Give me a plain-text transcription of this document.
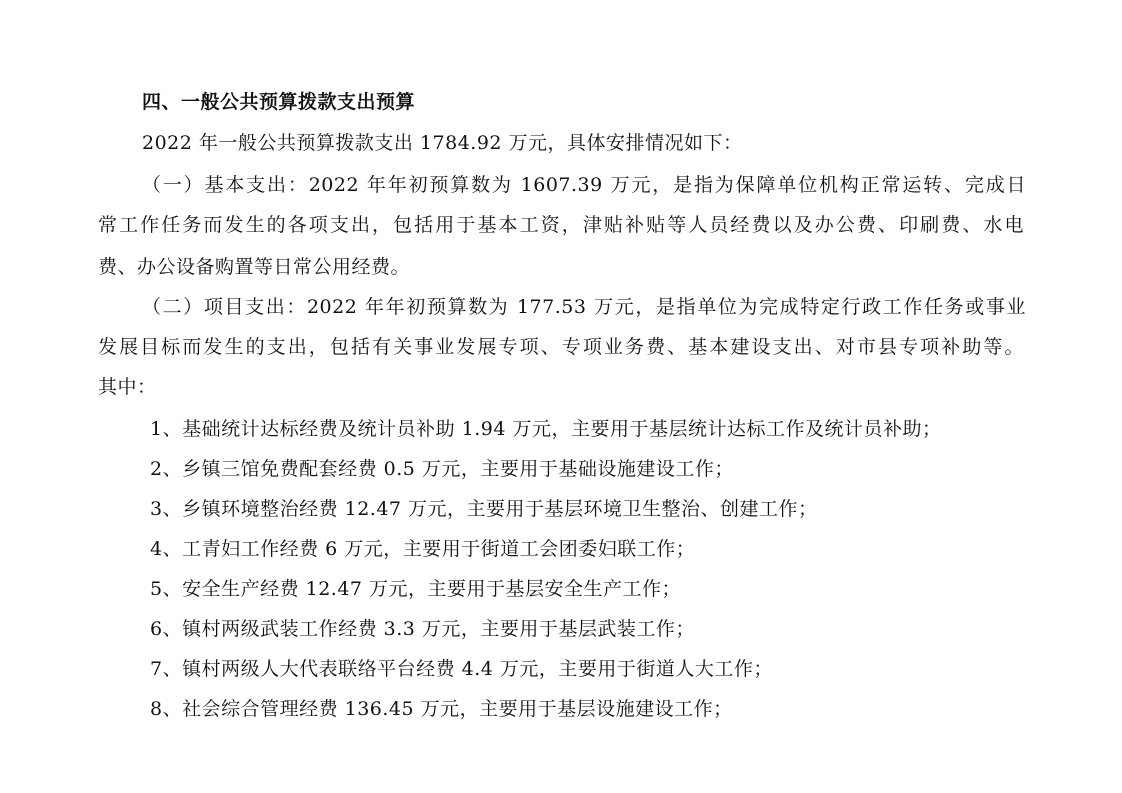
四、一般公共预算拨款支出预算
2022 年一般公共预算拨款支出 1784.92 万元，具体安排情况如下：
（一）基本支出：2022 年年初预算数为 1607.39 万元，是指为保障单位机构正常运转、完成日
常工作任务而发生的各项支出，包括用于基本工资，津贴补贴等人员经费以及办公费、印刷费、水电
费、办公设备购置等日常公用经费。
（二）项目支出：2022 年年初预算数为 177.53 万元，是指单位为完成特定行政工作任务或事业
发展目标而发生的支出，包括有关事业发展专项、专项业务费、基本建设支出、对市县专项补助等。
其中：
1、基础统计达标经费及统计员补助 1.94 万元，主要用于基层统计达标工作及统计员补助；
2、乡镇三馆免费配套经费 0.5 万元，主要用于基础设施建设工作；
3、乡镇环境整治经费 12.47 万元，主要用于基层环境卫生整治、创建工作；
4、工青妇工作经费 6 万元，主要用于街道工会团委妇联工作；
5、安全生产经费 12.47 万元，主要用于基层安全生产工作；
6、镇村两级武装工作经费 3.3 万元，主要用于基层武装工作；
7、镇村两级人大代表联络平台经费 4.4 万元，主要用于街道人大工作；
8、社会综合管理经费 136.45 万元，主要用于基层设施建设工作；
